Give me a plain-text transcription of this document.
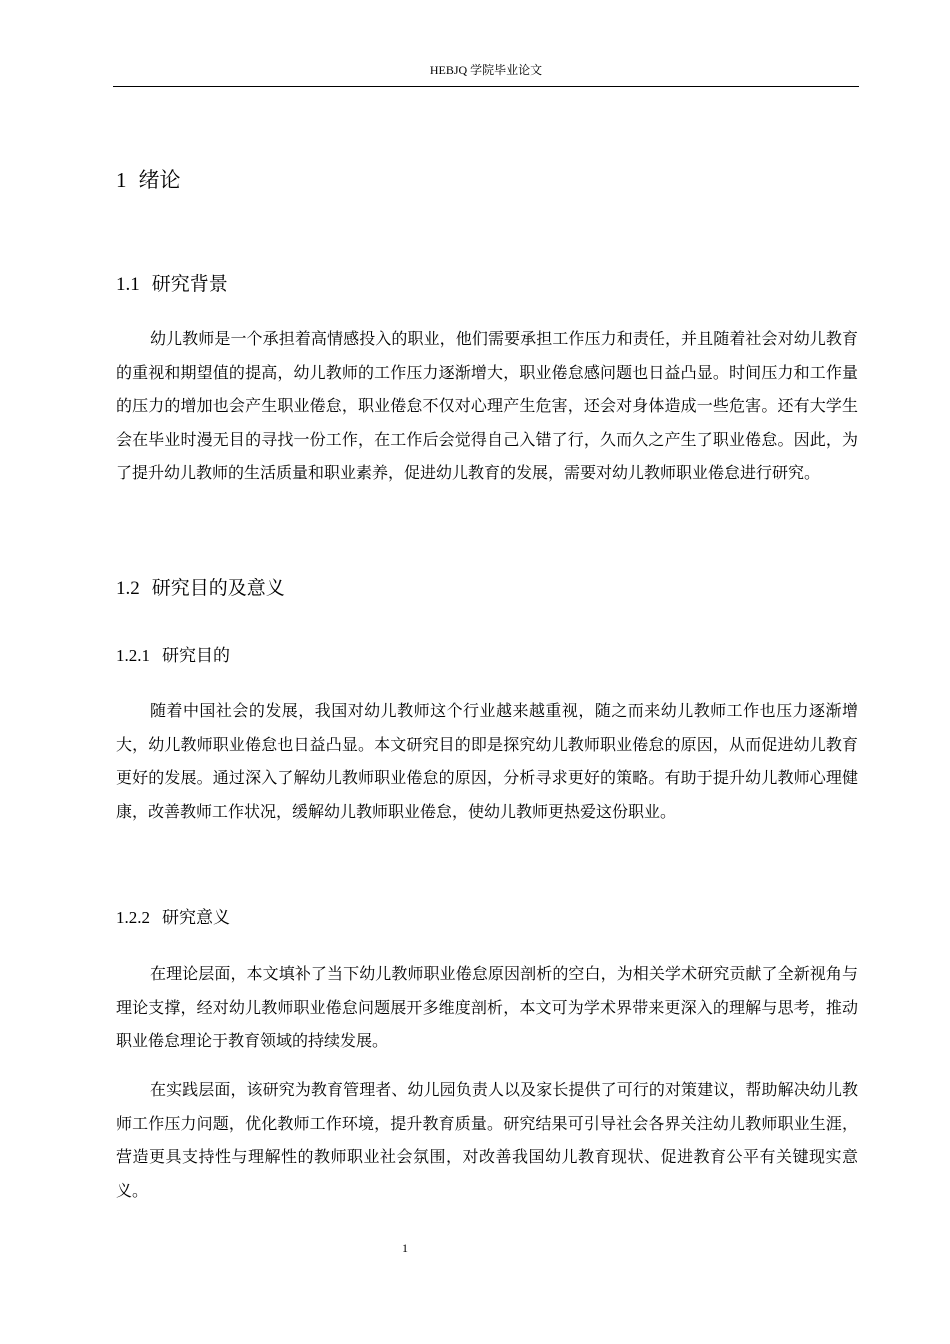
HEBJQ 学院毕业论文
1 绪论
1.1 研究背景

幼儿教师是一个承担着高情感投入的职业，他们需要承担工作压力和责任，并且随着社会对幼儿教育的重视和期望值的提高，幼儿教师的工作压力逐渐增大，职业倦怠感问题也日益凸显。时间压力和工作量的压力的增加也会产生职业倦怠，职业倦怠不仅对心理产生危害，还会对身体造成一些危害。还有大学生会在毕业时漫无目的寻找一份工作，在工作后会觉得自己入错了行，久而久之产生了职业倦怠。因此，为了提升幼儿教师的生活质量和职业素养，促进幼儿教育的发展，需要对幼儿教师职业倦怠进行研究。

1.2 研究目的及意义
1.2.1 研究目的

随着中国社会的发展，我国对幼儿教师这个行业越来越重视，随之而来幼儿教师工作也压力逐渐增大，幼儿教师职业倦怠也日益凸显。本文研究目的即是探究幼儿教师职业倦怠的原因，从而促进幼儿教育更好的发展。通过深入了解幼儿教师职业倦怠的原因，分析寻求更好的策略。有助于提升幼儿教师心理健康，改善教师工作状况，缓解幼儿教师职业倦怠，使幼儿教师更热爱这份职业。

1.2.2 研究意义

在理论层面，本文填补了当下幼儿教师职业倦怠原因剖析的空白，为相关学术研究贡献了全新视角与理论支撑，经对幼儿教师职业倦怠问题展开多维度剖析，本文可为学术界带来更深入的理解与思考，推动职业倦怠理论于教育领域的持续发展。

在实践层面，该研究为教育管理者、幼儿园负责人以及家长提供了可行的对策建议，帮助解决幼儿教师工作压力问题，优化教师工作环境，提升教育质量。研究结果可引导社会各界关注幼儿教师职业生涯，营造更具支持性与理解性的教师职业社会氛围，对改善我国幼儿教育现状、促进教育公平有关键现实意义。

1
